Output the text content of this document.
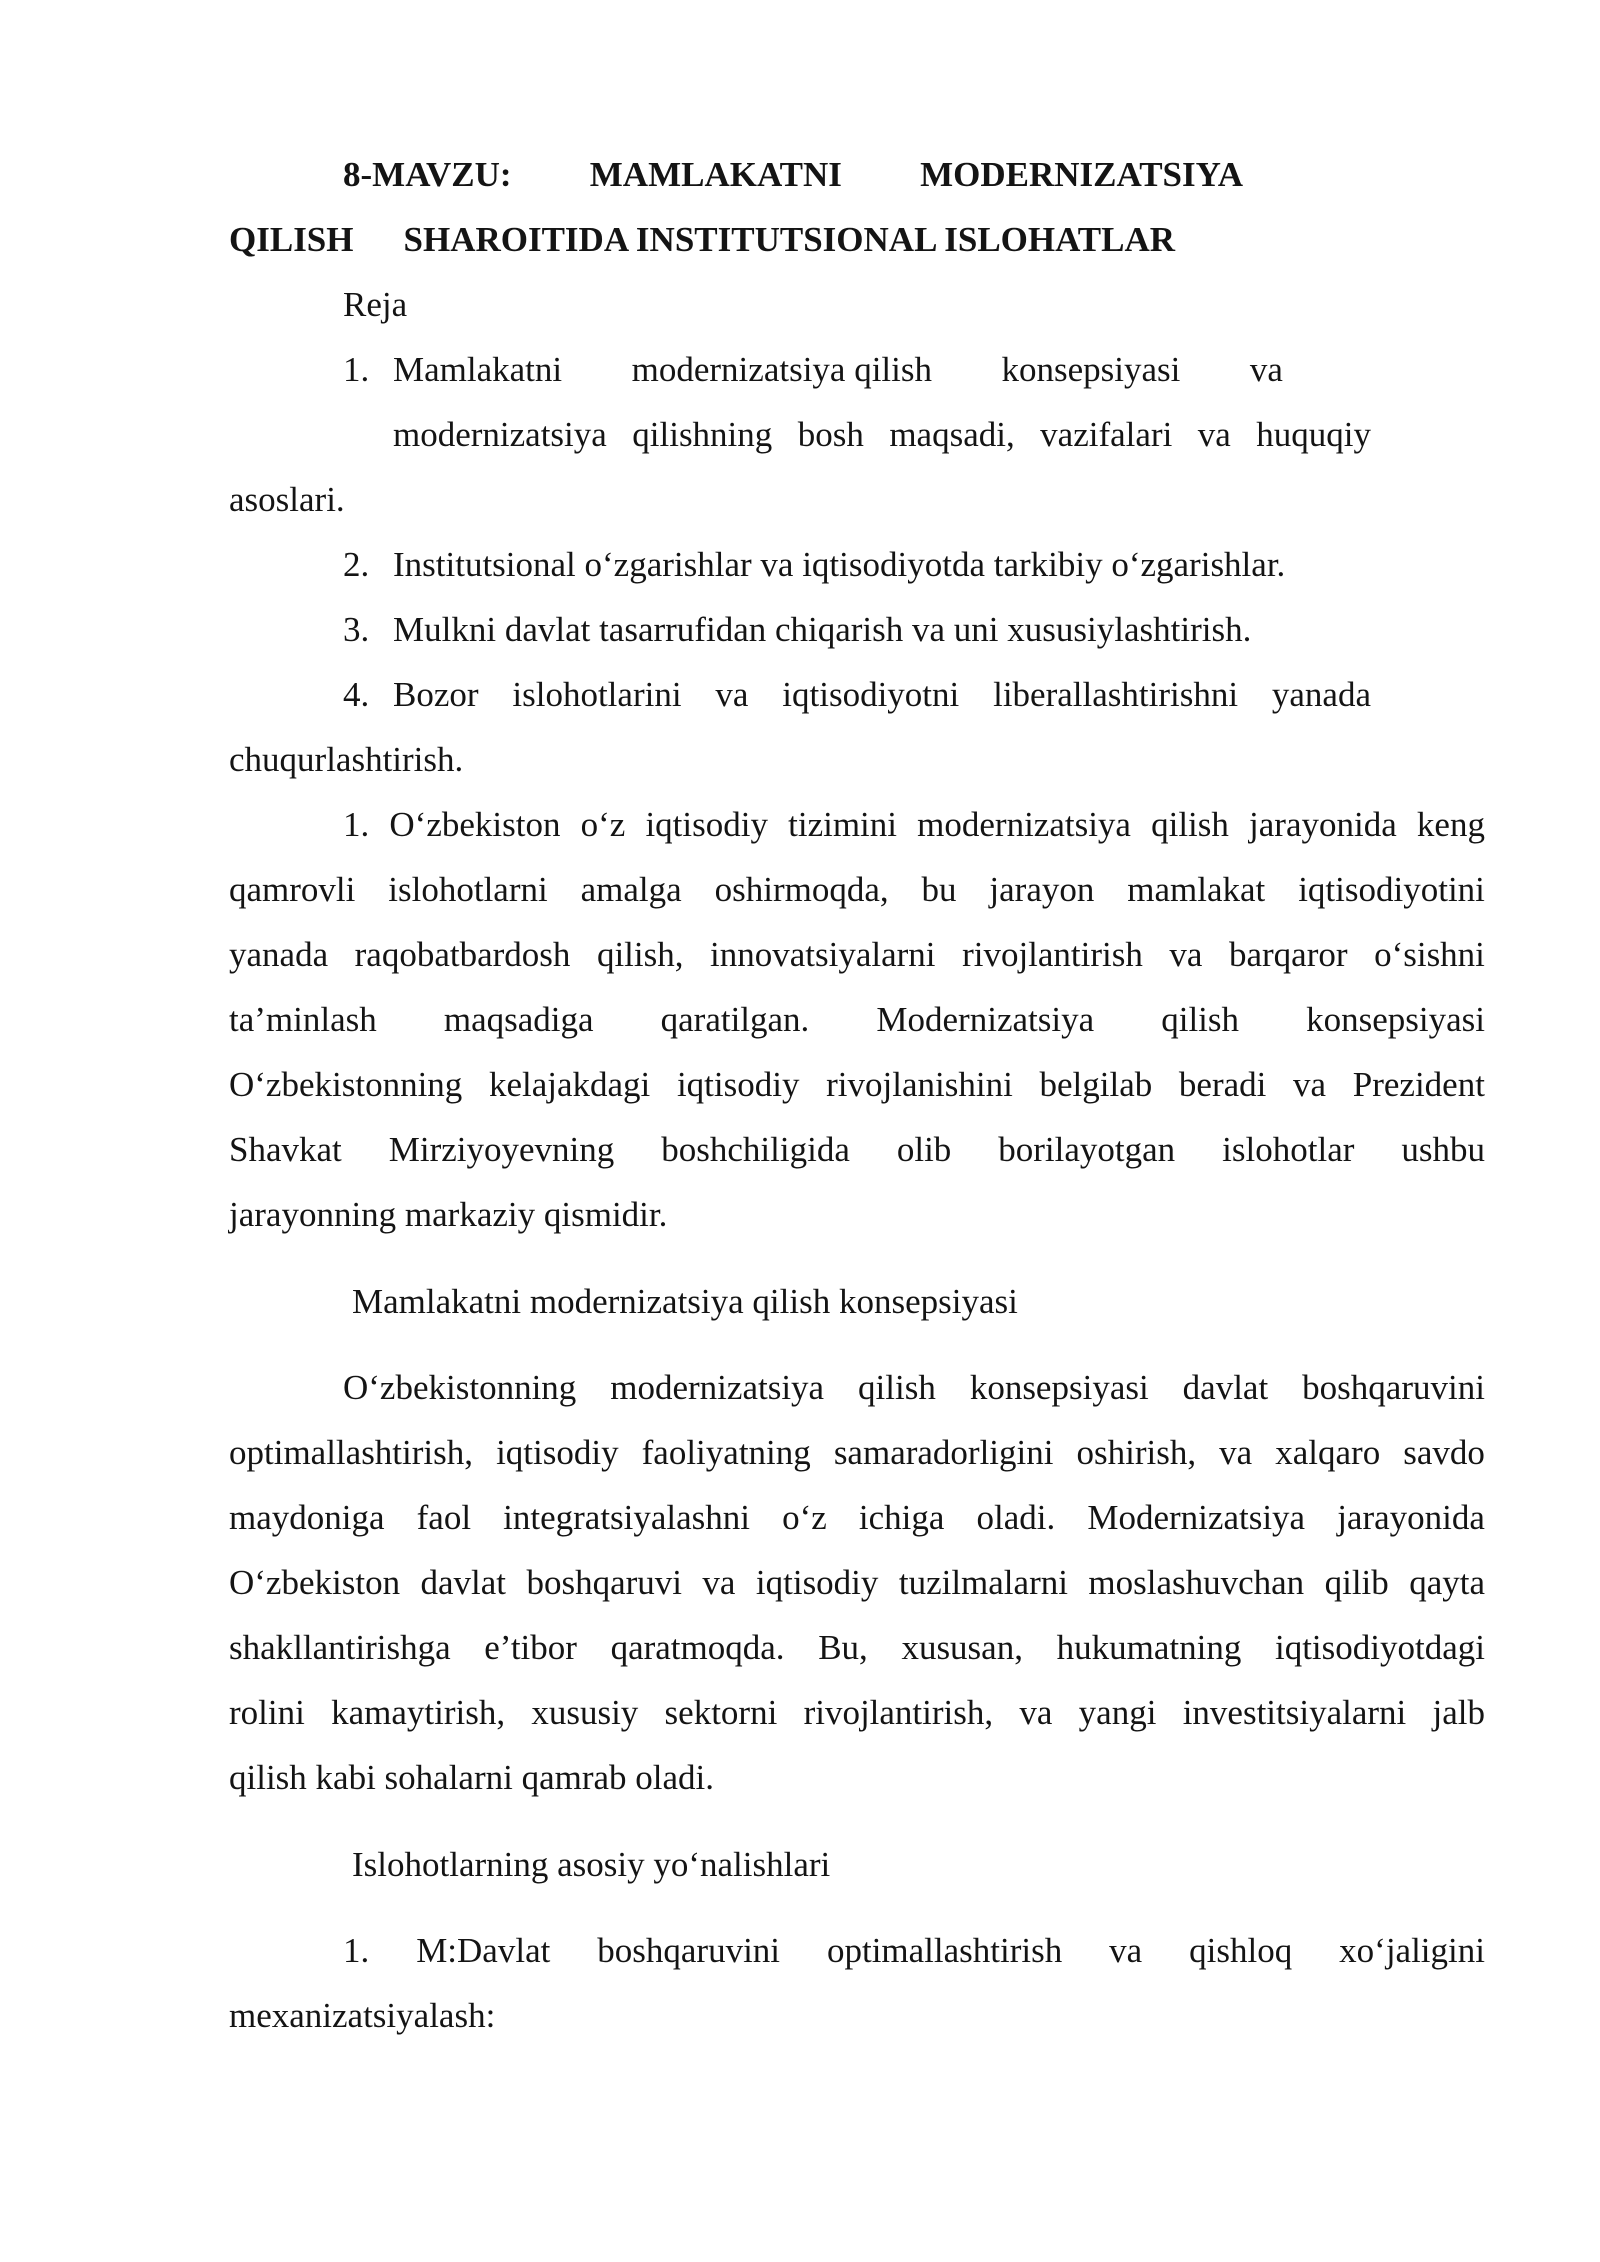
8-MAVZU: MAMLAKATNI MODERNIZATSIYA
QILISH SHAROITIDA INSTITUTSIONAL ISLOHATLAR
Reja
1. Mamlakatni modernizatsiya qilish konsepsiyasi va
modernizatsiya qilishning bosh maqsadi, vazifalari va huquqiy
asoslari.
2. Institutsional o‘zgarishlar va iqtisodiyotda tarkibiy o‘zgarishlar.
3. Mulkni davlat tasarrufidan chiqarish va uni xususiylashtirish.
4. Bozor islohotlarini va iqtisodiyotni liberallashtirishni yanada
chuqurlashtirish.
1. O‘zbekiston o‘z iqtisodiy tizimini modernizatsiya qilish jarayonida keng
qamrovli islohotlarni amalga oshirmoqda, bu jarayon mamlakat iqtisodiyotini
yanada raqobatbardosh qilish, innovatsiyalarni rivojlantirish va barqaror o‘sishni
ta’minlash maqsadiga qaratilgan. Modernizatsiya qilish konsepsiyasi
O‘zbekistonning kelajakdagi iqtisodiy rivojlanishini belgilab beradi va Prezident
Shavkat Mirziyoyevning boshchiligida olib borilayotgan islohotlar ushbu
jarayonning markaziy qismidir.
Mamlakatni modernizatsiya qilish konsepsiyasi
O‘zbekistonning modernizatsiya qilish konsepsiyasi davlat boshqaruvini
optimallashtirish, iqtisodiy faoliyatning samaradorligini oshirish, va xalqaro savdo
maydoniga faol integratsiyalashni o‘z ichiga oladi. Modernizatsiya jarayonida
O‘zbekiston davlat boshqaruvi va iqtisodiy tuzilmalarni moslashuvchan qilib qayta
shakllantirishga e’tibor qaratmoqda. Bu, xususan, hukumatning iqtisodiyotdagi
rolini kamaytirish, xususiy sektorni rivojlantirish, va yangi investitsiyalarni jalb
qilish kabi sohalarni qamrab oladi.
Islohotlarning asosiy yo‘nalishlari
1. M:Davlat boshqaruvini optimallashtirish va qishloq xo‘jaligini
mexanizatsiyalash:
